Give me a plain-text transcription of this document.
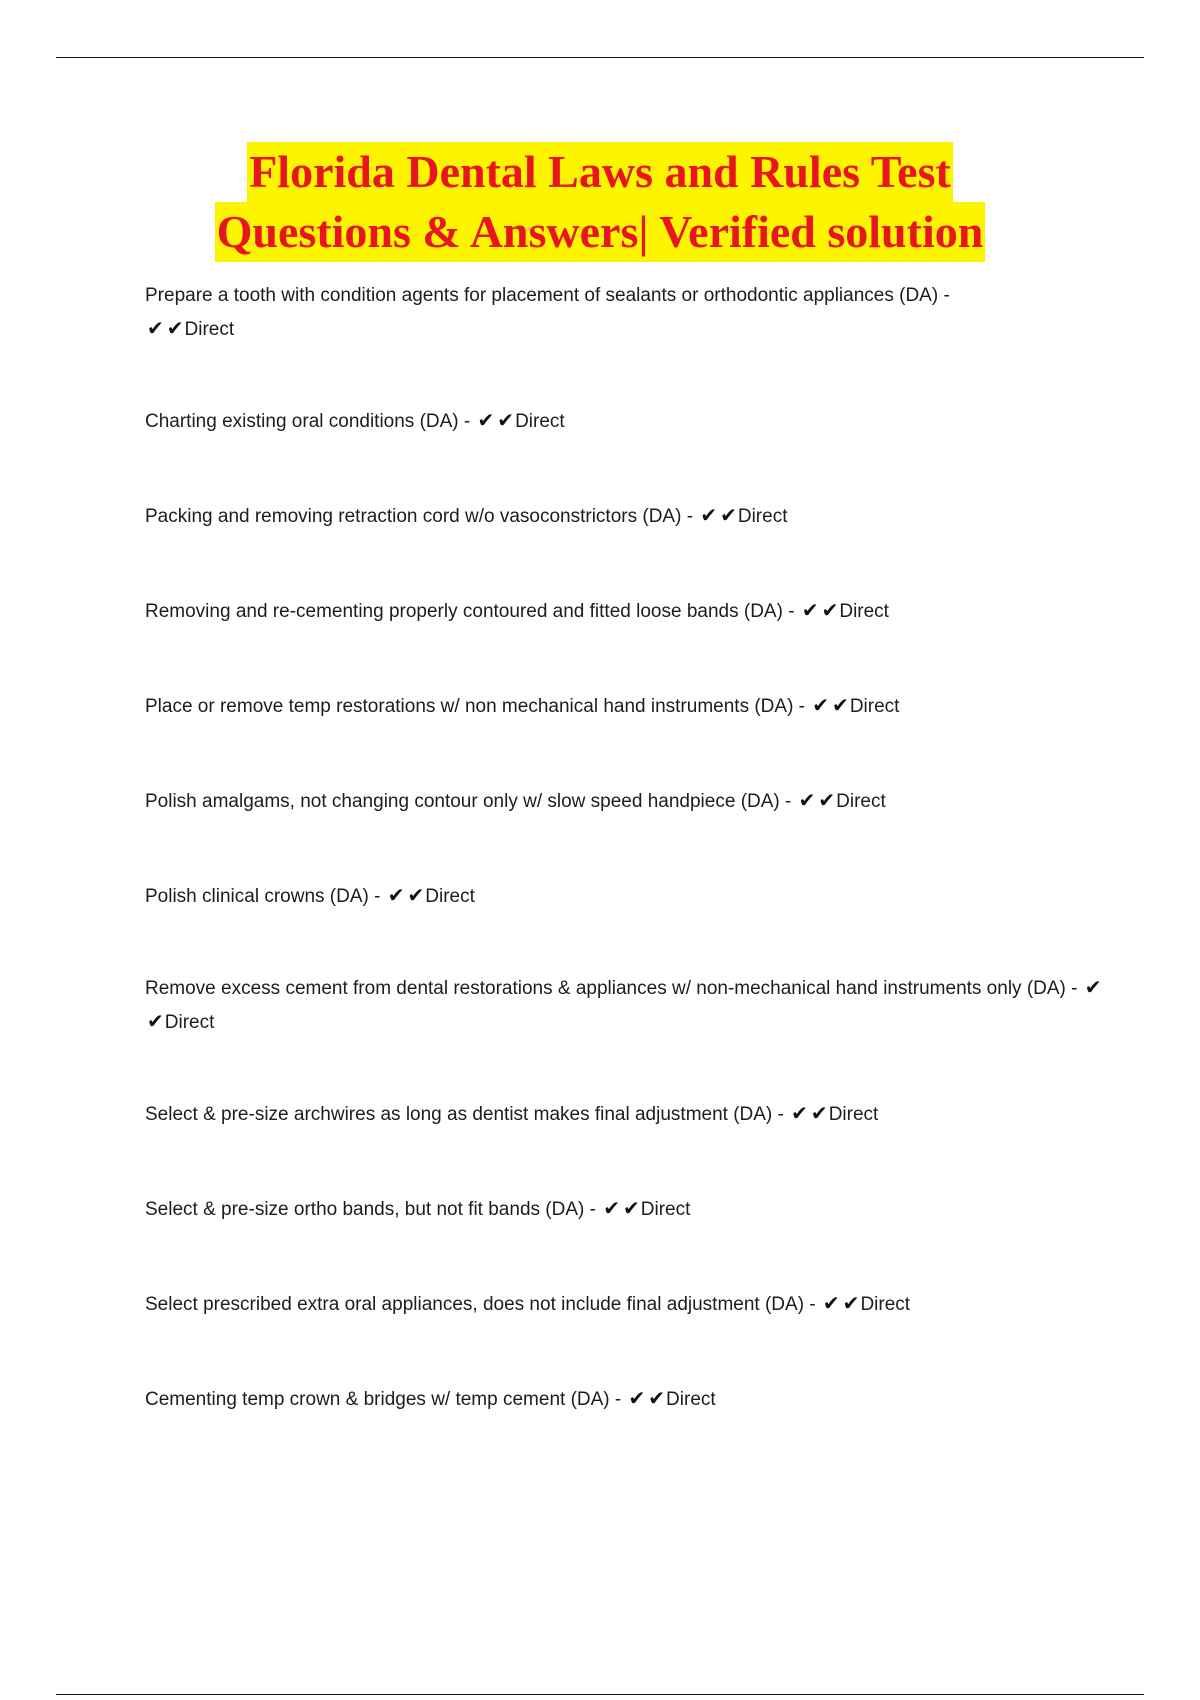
Florida Dental Laws and Rules Test
Questions & Answers| Verified solution
Prepare a tooth with condition agents for placement of sealants or orthodontic appliances (DA) -
✔ ✔Direct
Charting existing oral conditions (DA) - ✔ ✔Direct
Packing and removing retraction cord w/o vasoconstrictors (DA) - ✔ ✔Direct
Removing and re-cementing properly contoured and fitted loose bands (DA) - ✔ ✔Direct
Place or remove temp restorations w/ non mechanical hand instruments (DA) - ✔ ✔Direct
Polish amalgams, not changing contour only w/ slow speed handpiece (DA) - ✔ ✔Direct
Polish clinical crowns (DA) - ✔ ✔Direct
Remove excess cement from dental restorations & appliances w/ non-mechanical hand instruments only (DA) - ✔✔Direct
Select & pre-size archwires as long as dentist makes final adjustment (DA) - ✔ ✔Direct
Select & pre-size ortho bands, but not fit bands (DA) - ✔ ✔Direct
Select prescribed extra oral appliances, does not include final adjustment (DA) - ✔ ✔Direct
Cementing temp crown & bridges w/ temp cement (DA) - ✔ ✔Direct
